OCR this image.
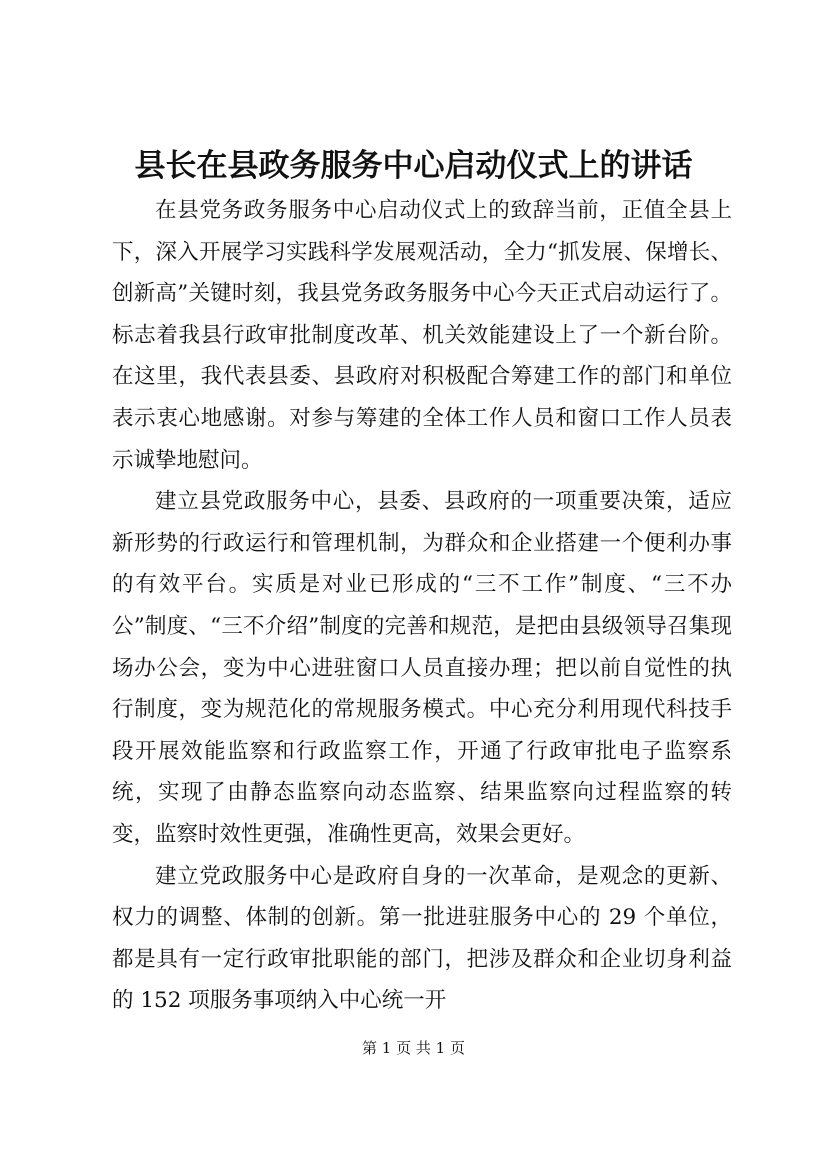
县长在县政务服务中心启动仪式上的讲话

在县党务政务服务中心启动仪式上的致辞当前，正值全县上下，深入开展学习实践科学发展观活动，全力“抓发展、保增长、创新高”关键时刻，我县党务政务服务中心今天正式启动运行了。标志着我县行政审批制度改革、机关效能建设上了一个新台阶。在这里，我代表县委、县政府对积极配合筹建工作的部门和单位表示衷心地感谢。对参与筹建的全体工作人员和窗口工作人员表示诚挚地慰问。

建立县党政服务中心，县委、县政府的一项重要决策，适应新形势的行政运行和管理机制，为群众和企业搭建一个便利办事的有效平台。实质是对业已形成的“三不工作”制度、“三不办公”制度、“三不介绍”制度的完善和规范，是把由县级领导召集现场办公会，变为中心进驻窗口人员直接办理；把以前自觉性的执行制度，变为规范化的常规服务模式。中心充分利用现代科技手段开展效能监察和行政监察工作，开通了行政审批电子监察系统，实现了由静态监察向动态监察、结果监察向过程监察的转变，监察时效性更强，准确性更高，效果会更好。

建立党政服务中心是政府自身的一次革命，是观念的更新、权力的调整、体制的创新。第一批进驻服务中心的 29 个单位，都是具有一定行政审批职能的部门，把涉及群众和企业切身利益的 152 项服务事项纳入中心统一开

第 1 页 共 1 页
